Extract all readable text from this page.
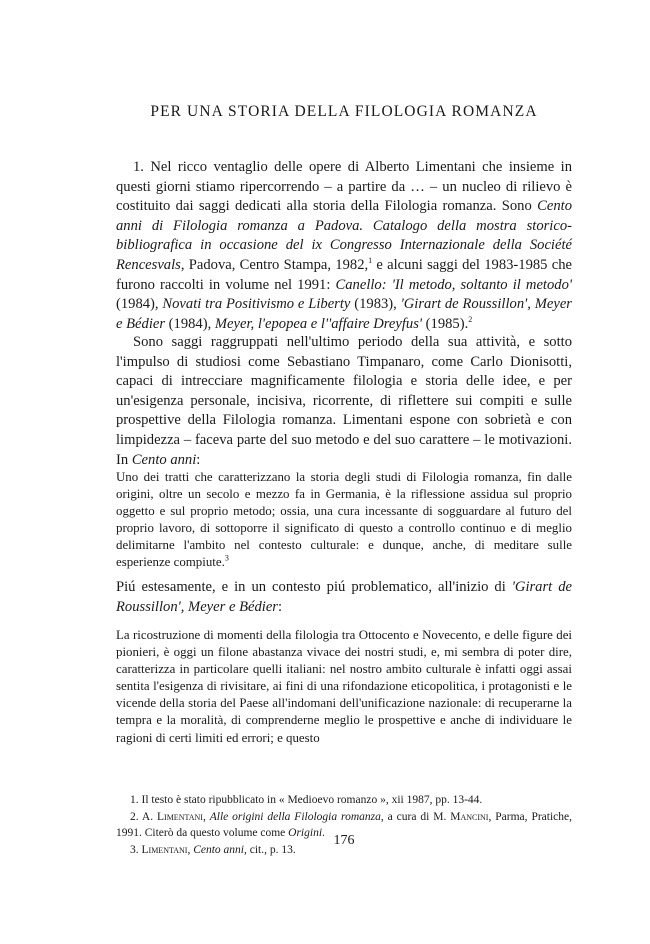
PER UNA STORIA DELLA FILOLOGIA ROMANZA

1. Nel ricco ventaglio delle opere di Alberto Limentani che insieme in questi giorni stiamo ripercorrendo – a partire da … – un nucleo di rilievo è costituito dai saggi dedicati alla storia della Filologia romanza. Sono Cento anni di Filologia romanza a Padova. Catalogo della mostra storico-bibliografica in occasione del ix Congresso Internazionale della Société Rencesvals, Padova, Centro Stampa, 1982,$^1$ e alcuni saggi del 1983-1985 che furono raccolti in volume nel 1991: Canello: 'Il metodo, soltanto il metodo' (1984), Novati tra Positivismo e Liberty (1983), 'Girart de Roussillon', Meyer e Bédier (1984), Meyer, l'epopea e l''affaire Dreyfus' (1985).$^2$

Sono saggi raggruppati nell'ultimo periodo della sua attività, e sotto l'impulso di studiosi come Sebastiano Timpanaro, come Carlo Dionisotti, capaci di intrecciare magnificamente filologia e storia delle idee, e per un'esigenza personale, incisiva, ricorrente, di riflettere sui compiti e sulle prospettive della Filologia romanza. Limentani espone con sobrietà e con limpidezza – faceva parte del suo metodo e del suo carattere – le motivazioni. In Cento anni:

Uno dei tratti che caratterizzano la storia degli studi di Filologia romanza, fin dalle origini, oltre un secolo e mezzo fa in Germania, è la riflessione assidua sul proprio oggetto e sul proprio metodo; ossia, una cura incessante di sogguardare al futuro del proprio lavoro, di sottoporre il significato di questo a controllo continuo e di meglio delimitarne l'ambito nel contesto culturale: e dunque, anche, di meditare sulle esperienze compiute.$^3$

Piú estesamente, e in un contesto piú problematico, all'inizio di 'Girart de Roussillon', Meyer e Bédier:

La ricostruzione di momenti della filologia tra Ottocento e Novecento, e delle figure dei pionieri, è oggi un filone abastanza vivace dei nostri studi, e, mi sembra di poter dire, caratterizza in particolare quelli italiani: nel nostro ambito culturale è infatti oggi assai sentita l'esigenza di rivisitare, ai fini di una rifondazione eticopolitica, i protagonisti e le vicende della storia del Paese all'indomani dell'unificazione nazionale: di recuperarne la tempra e la moralità, di comprenderne meglio le prospettive e anche di individuare le ragioni di certi limiti ed errori; e questo

1. Il testo è stato ripubblicato in « Medioevo romanzo », xii 1987, pp. 13-44.

2. A. Limentani, Alle origini della Filologia romanza, a cura di M. Mancini, Parma, Pratiche, 1991. Citerò da questo volume come Origini.

3. Limentani, Cento anni, cit., p. 13.

176
